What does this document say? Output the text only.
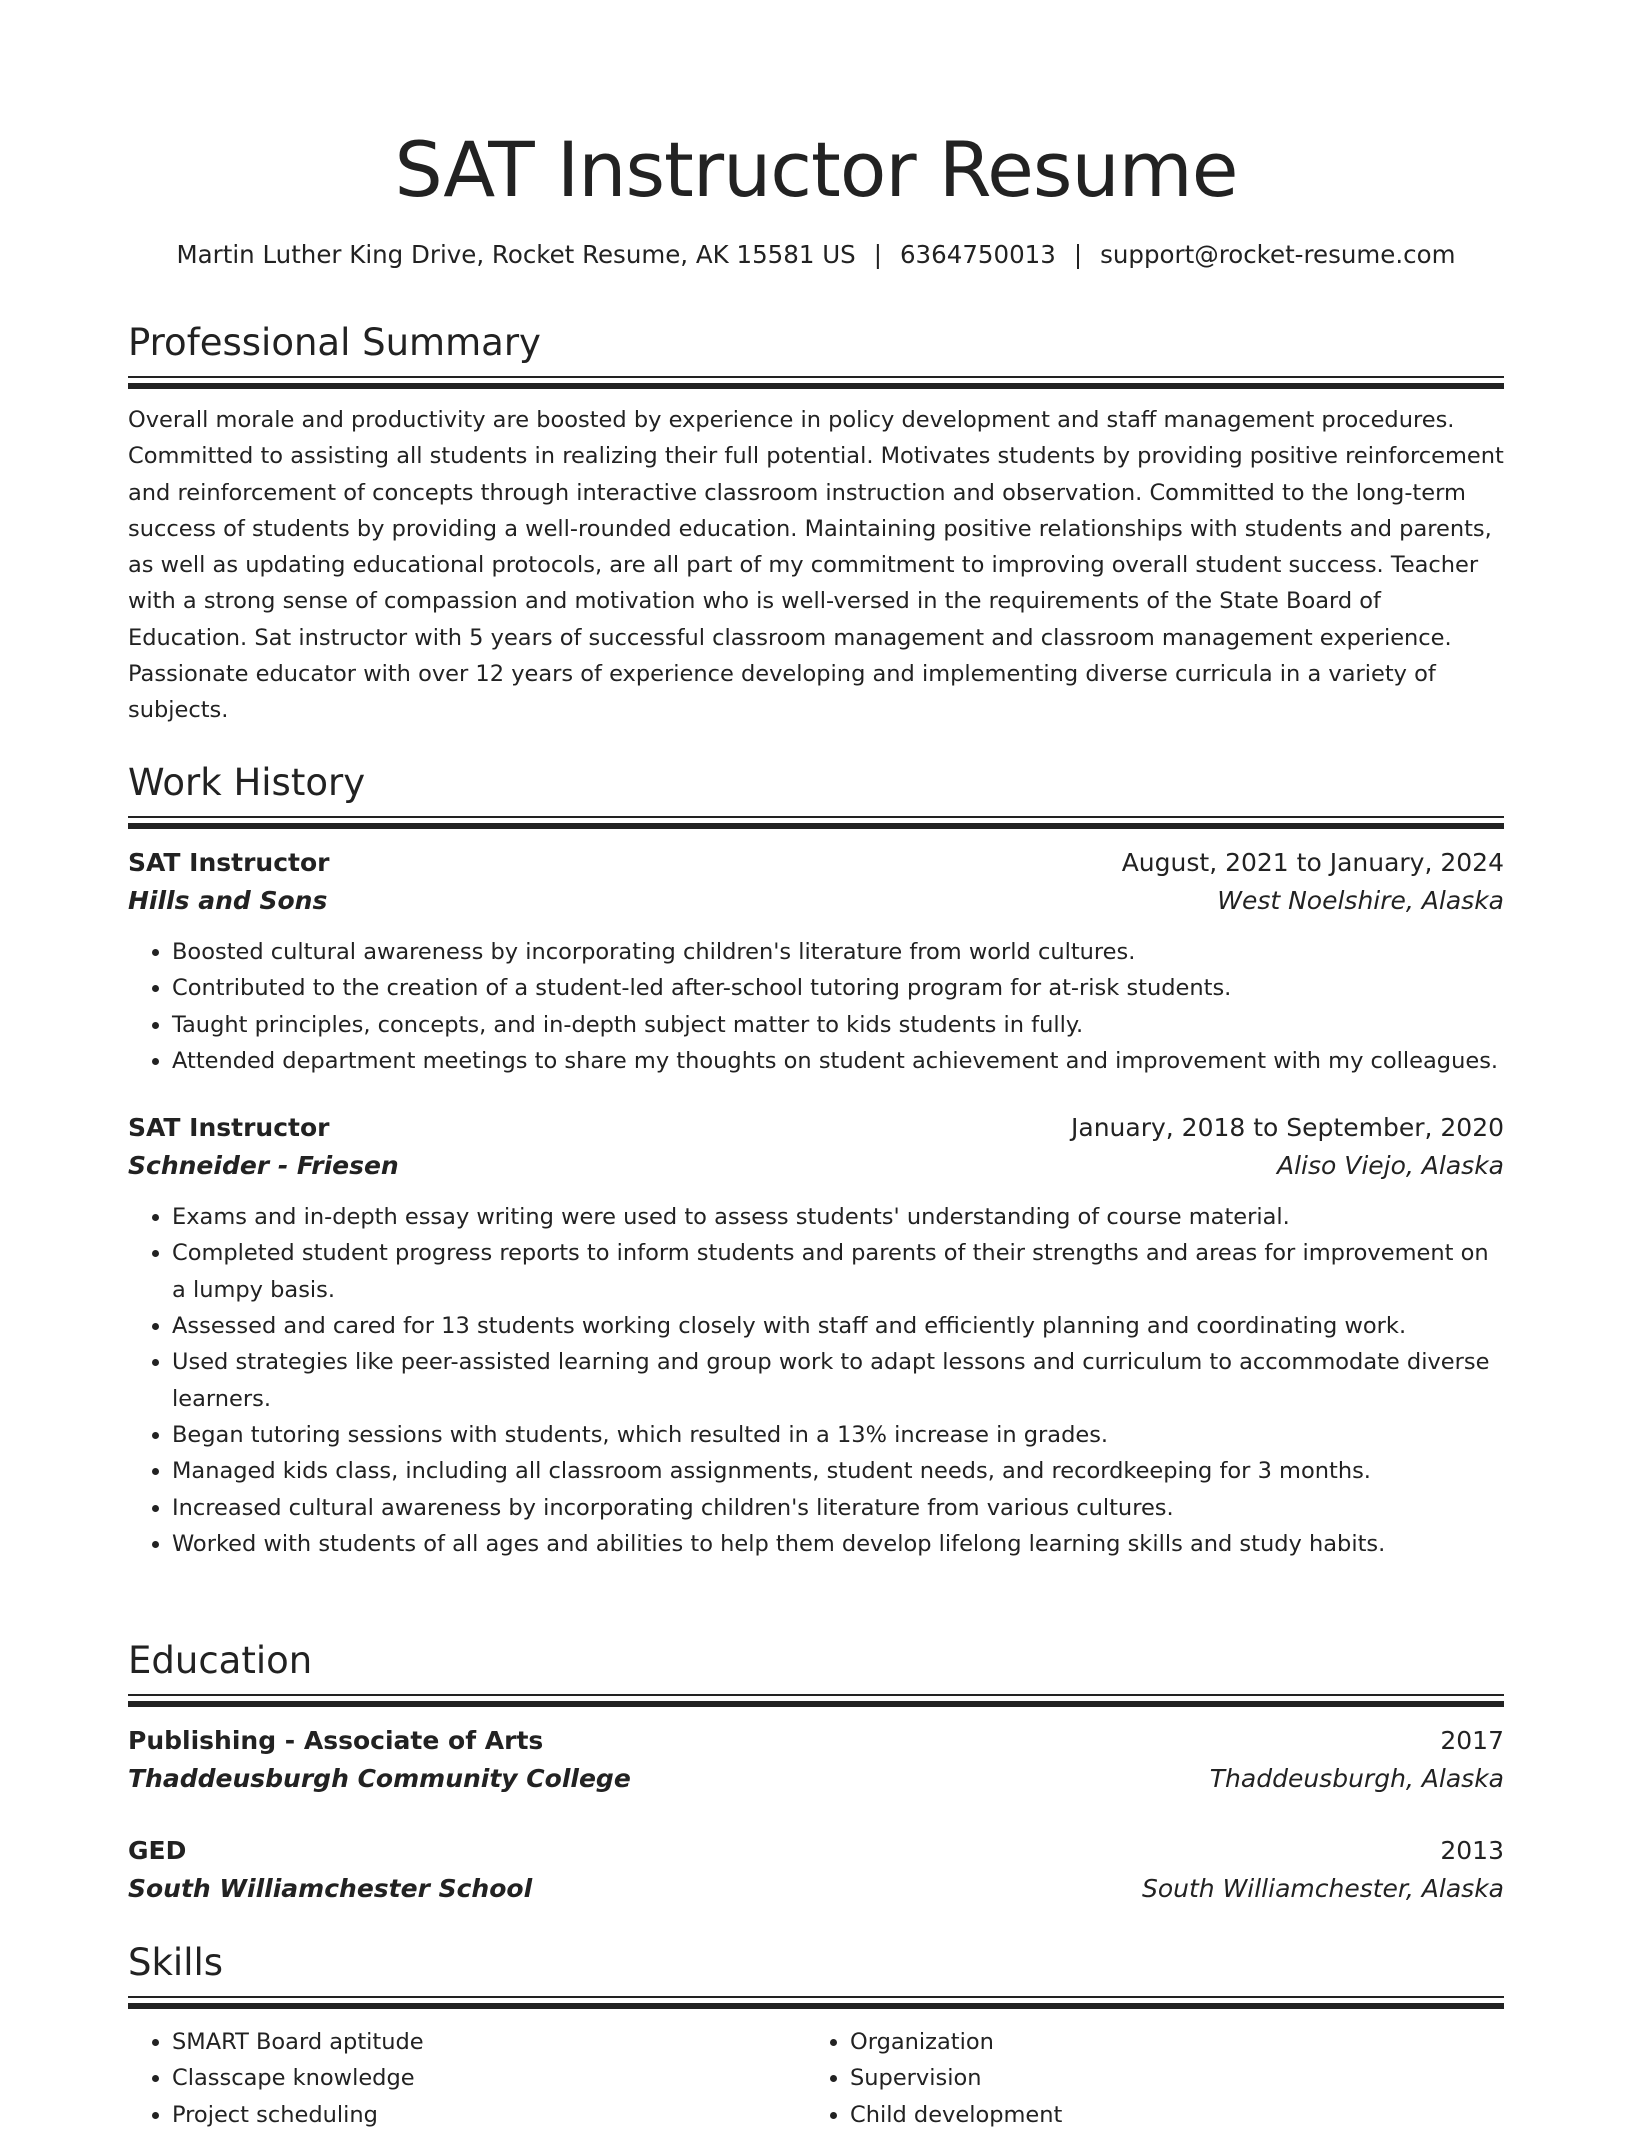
SAT Instructor Resume
Martin Luther King Drive, Rocket Resume, AK 15581 US | 6364750013 | support@rocket-resume.com
Professional Summary

Overall morale and productivity are boosted by experience in policy development and staff management procedures. Committed to assisting all students in realizing their full potential. Motivates students by providing positive reinforcement and reinforcement of concepts through interactive classroom instruction and observation. Committed to the long-term success of students by providing a well-rounded education. Maintaining positive relationships with students and parents, as well as updating educational protocols, are all part of my commitment to improving overall student success. Teacher with a strong sense of compassion and motivation who is well-versed in the requirements of the State Board of Education. Sat instructor with 5 years of successful classroom management and classroom management experience. Passionate educator with over 12 years of experience developing and implementing diverse curricula in a variety of subjects.

Work History
SAT Instructor	August, 2021 to January, 2024
Hills and Sons	West Noelshire, Alaska
• Boosted cultural awareness by incorporating children's literature from world cultures.
• Contributed to the creation of a student-led after-school tutoring program for at-risk students.
• Taught principles, concepts, and in-depth subject matter to kids students in fully.
• Attended department meetings to share my thoughts on student achievement and improvement with my colleagues.
SAT Instructor	January, 2018 to September, 2020
Schneider - Friesen	Aliso Viejo, Alaska
• Exams and in-depth essay writing were used to assess students' understanding of course material.
• Completed student progress reports to inform students and parents of their strengths and areas for improvement on a lumpy basis.
• Assessed and cared for 13 students working closely with staff and efficiently planning and coordinating work.
• Used strategies like peer-assisted learning and group work to adapt lessons and curriculum to accommodate diverse learners.
• Began tutoring sessions with students, which resulted in a 13% increase in grades.
• Managed kids class, including all classroom assignments, student needs, and recordkeeping for 3 months.
• Increased cultural awareness by incorporating children's literature from various cultures.
• Worked with students of all ages and abilities to help them develop lifelong learning skills and study habits.
Education
Publishing - Associate of Arts	2017
Thaddeusburgh Community College	Thaddeusburgh, Alaska
GED	2013
South Williamchester School	South Williamchester, Alaska
Skills
• SMART Board aptitude
• Classcape knowledge
• Project scheduling
• Organization
• Supervision
• Child development
